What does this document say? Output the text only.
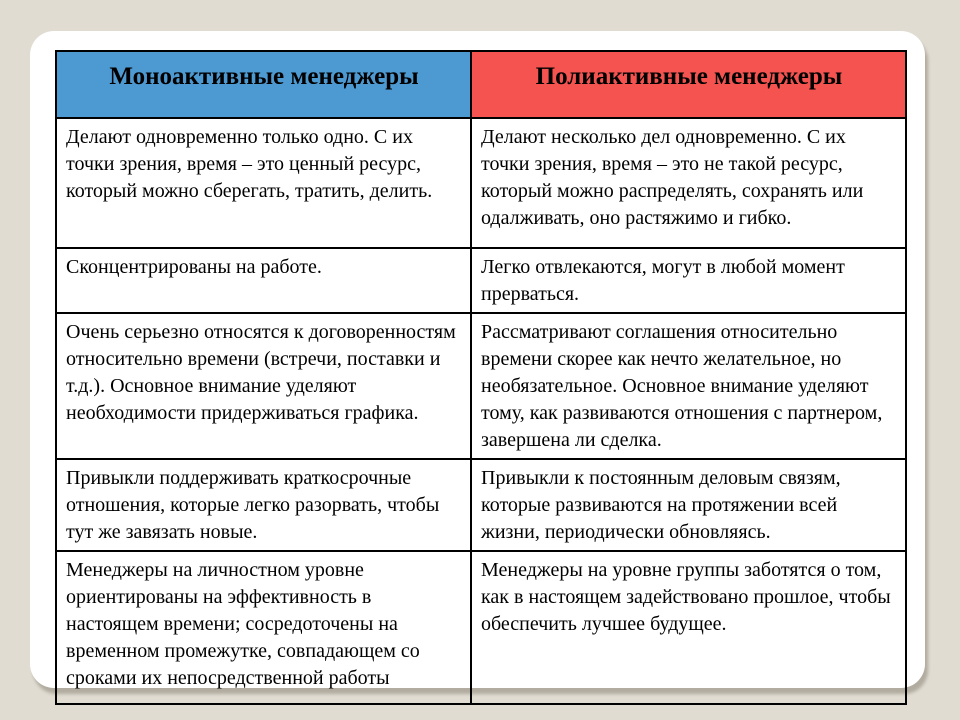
Моноактивные менеджеры	Полиактивные менеджеры
Делают одновременно только одно. С их точки зрения, время – это ценный ресурс, который можно сберегать, тратить, делить.	Делают несколько дел одновременно. С их точки зрения, время – это не такой ресурс, который можно распределять, сохранять или одалживать, оно растяжимо и гибко.
Сконцентрированы на работе.	Легко отвлекаются, могут в любой момент прерваться.
Очень серьезно относятся к договоренностям относительно времени (встречи, поставки и т.д.). Основное внимание уделяют необходимости придерживаться графика.	Рассматривают соглашения относительно времени скорее как нечто желательное, но необязательное. Основное внимание уделяют тому, как развиваются отношения с партнером, завершена ли сделка.
Привыкли поддерживать краткосрочные отношения, которые легко разорвать, чтобы тут же завязать новые.	Привыкли к постоянным деловым связям, которые развиваются на протяжении всей жизни, периодически обновляясь.
Менеджеры на личностном уровне ориентированы на эффективность в настоящем времени; сосредоточены на временном промежутке, совпадающем со сроками их непосредственной работы	Менеджеры на уровне группы заботятся о том, как в настоящем задействовано прошлое, чтобы обеспечить лучшее будущее.
